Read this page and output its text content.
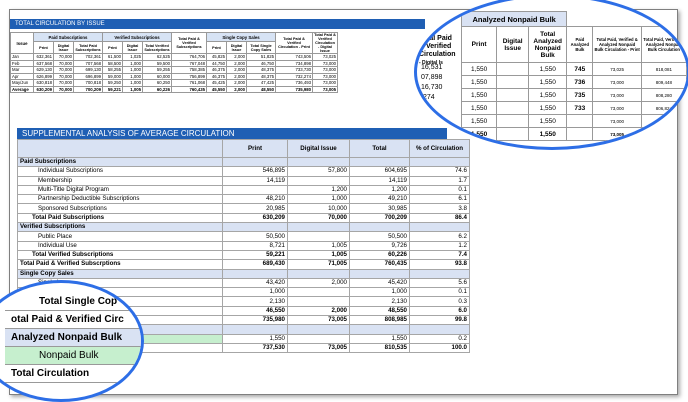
TOTAL CIRCULATION BY ISSUE
Issue	Paid Subscriptions			Verified Subscriptions			Total Paid & Verified Subscriptions	Single Copy Sales			Total Paid & Verified Circulation - Print	Total Paid & Verified Circulation - Digital Issue

	Print	Digital Issue	Total Paid Subscriptions	Print	Digital Issue	Total Verified Subscriptions		Print	Digital Issue	Total Single Copy Sales		
Jan	632,361	70,000	702,361	61,500	1,025	62,525	764,706	45,825	2,000	51,825	743,506	73,025
Feb	637,568	70,000	707,568	58,500	1,000	59,500	767,048	44,750	2,000	46,750	734,898	73,000
Mar	629,130	70,000	699,130	58,255	1,000	59,255	758,385	46,375	2,000	48,375	733,730	73,000
Apr	626,899	70,000	696,899	59,000	1,000	60,000	756,899	46,375	2,000	48,375	732,274	73,000
May/Jun	630,818	70,000	700,818	59,250	1,000	60,250	761,068	45,425	2,000	47,425	736,493	73,000
Average	630,209	70,000	700,209	59,221	1,005	60,226	760,435	45,550	2,000	48,550	735,980	73,005
SUPPLEMENTAL ANALYSIS OF AVERAGE CIRCULATION
	Print	Digital Issue	Total	% of Circulation
Paid Subscriptions				
Individual Subscriptions	546,895	57,800	604,695	74.6
Membership	14,119		14,119	1.7
Multi-Title Digital Program		1,200	1,200	0.1
Partnership Deductible Subscriptions	48,210	1,000	49,210	6.1
Sponsored Subscriptions	20,985	10,000	30,985	3.8
Total Paid Subscriptions	630,209	70,000	700,209	86.4
Verified Subscriptions				
Public Place	50,500		50,500	6.2
Individual Use	8,721	1,005	9,726	1.2
Total Verified Subscriptions	59,221	1,005	60,226	7.4
Total Paid & Verified Subscrptions	689,430	71,005	760,435	93.8
Single Copy Sales				
	43,420	2,000	45,420	5.6
	1,000		1,000	0.1
	2,130		2,130	0.3
	46,550	2,000	48,550	6.0
	735,980	73,005	808,985	99.8

	1,550		1,550	0.2
	737,530	73,005	810,535	100.0
Total Paid & Verified Circulation
- Digital Is
16,531
07,898
16,730
,274
Analyzed Nonpaid Bulk					
Print	Digital Issue	Total Analyzed Nonpaid Bulk	Paid Analyzed Bulk	Total Paid, Verified & Analyzed Nonpaid Bulk Circulation - Print	Total Paid, Verified & Analyzed Nonpaid Bulk Circulation
1,550		1,550	745	73,025	818,081
1,550		1,550	736	73,000	809,448
1,550		1,550	735	73,000	808,280
1,550		1,550	733	73,000	806,824
1,550		1,550		73,000	810,043
1,550		1,550		73,005	810,535
Total Single Cop
otal Paid & Verified Circ
Analyzed Nonpaid Bulk
Nonpaid Bulk
Total Circulation
